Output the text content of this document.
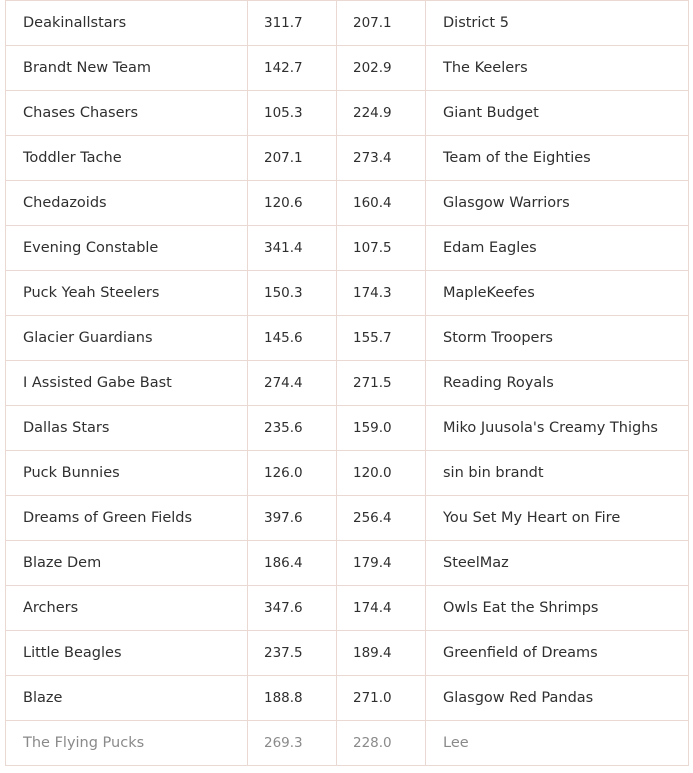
Deakinallstars	311.7	207.1	District 5
Brandt New Team	142.7	202.9	The Keelers
Chases Chasers	105.3	224.9	Giant Budget
Toddler Tache	207.1	273.4	Team of the Eighties
Chedazoids	120.6	160.4	Glasgow Warriors
Evening Constable	341.4	107.5	Edam Eagles
Puck Yeah Steelers	150.3	174.3	MapleKeefes
Glacier Guardians	145.6	155.7	Storm Troopers
I Assisted Gabe Bast	274.4	271.5	Reading Royals
Dallas Stars	235.6	159.0	Miko Juusola's Creamy Thighs
Puck Bunnies	126.0	120.0	sin bin brandt
Dreams of Green Fields	397.6	256.4	You Set My Heart on Fire
Blaze Dem	186.4	179.4	SteelMaz
Archers	347.6	174.4	Owls Eat the Shrimps
Little Beagles	237.5	189.4	Greenfield of Dreams
Blaze	188.8	271.0	Glasgow Red Pandas
The Flying Pucks	269.3	228.0	Lee
